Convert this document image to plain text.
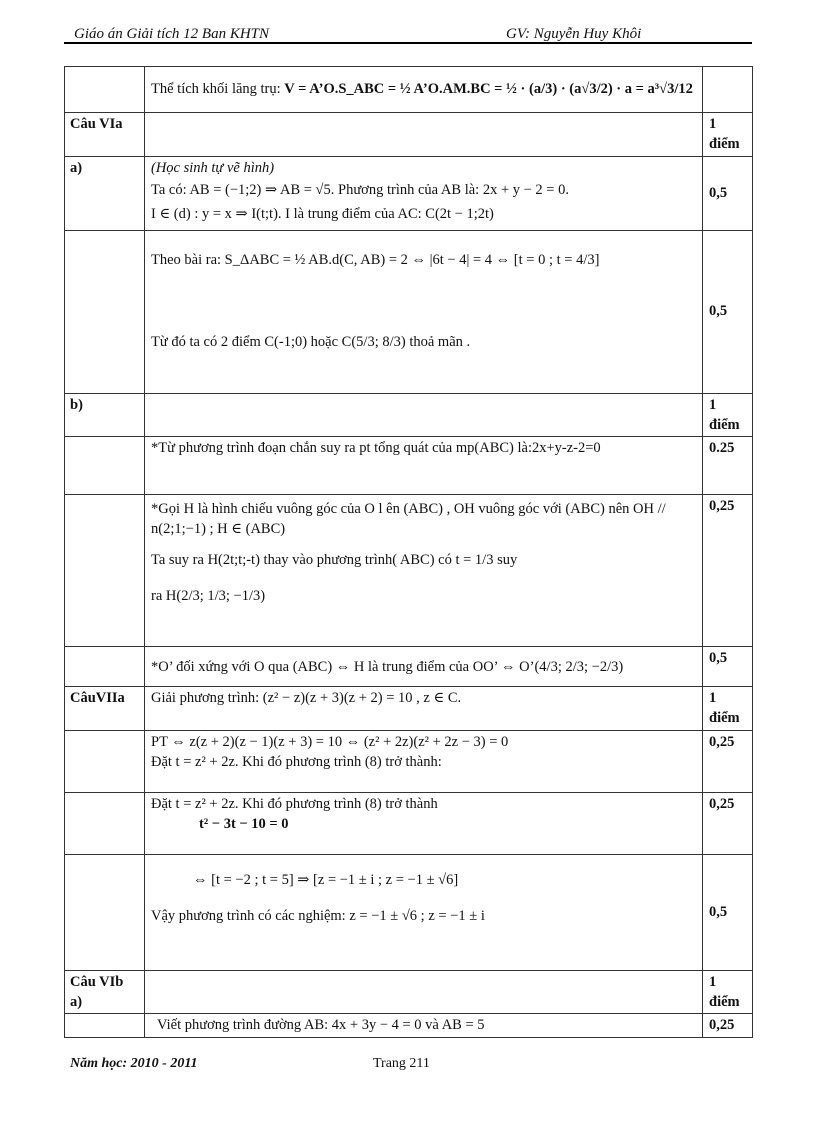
Giáo án Giải tích 12 Ban KHTN	GV: Nguyễn Huy Khôi
	Thể tích khối lăng trụ: V = A’O.S_ABC = ½ A’O.AM.BC = ½ · (a/3) · (a√3/2) · a = a³√3/12	
Câu VIa		1 điểm
a)	(Học sinh tự vẽ hình)
Ta có: AB = (−1;2) ⇒ AB = √5. Phương trình của AB là: 2x + y − 2 = 0.
I ∈ (d) : y = x ⇒ I(t;t). I là trung điểm của AC: C(2t − 1;2t)	0,5

	Theo bài ra: S_ΔABC = ½ AB.d(C, AB) = 2 ⇔ |6t − 4| = 4 ⇔ [t = 0 ; t = 4/3]
Từ đó ta có 2 điểm C(-1;0) hoặc C(5/3; 8/3) thoả mãn .	0,5
b)		1 điểm

	*Từ phương trình đoạn chắn suy ra pt tổng quát của mp(ABC) là:2x+y-z-2=0	0.25

	*Gọi H là hình chiếu vuông góc của O l ên (ABC) , OH vuông góc với (ABC) nên OH // n(2;1;−1) ; H ∈ (ABC)
Ta suy ra H(2t;t;-t) thay vào phương trình( ABC) có t = 1/3 suy
ra H(2/3; 1/3; −1/3)	0,25

	*O’ đối xứng với O qua (ABC) ⇔ H là trung điểm của OO’ ⇔ O’(4/3; 2/3; −2/3)	0,5
CâuVIIa	Giải phương trình: (z² − z)(z + 3)(z + 2) = 10 , z ∈ C.	1 điểm

	PT ⇔ z(z + 2)(z − 1)(z + 3) = 10 ⇔ (z² + 2z)(z² + 2z − 3) = 0
Đặt t = z² + 2z. Khi đó phương trình (8) trở thành:	0,25

	Đặt t = z² + 2z. Khi đó phương trình (8) trở thành
t² − 3t − 10 = 0	0,25

	⇔ [t = −2 ; t = 5] ⇒ [z = −1 ± i ; z = −1 ± √6]
Vậy phương trình có các nghiệm: z = −1 ± √6 ; z = −1 ± i	0,5
Câu VIb a)		1 điểm

	Viết phương trình đường AB: 4x + 3y − 4 = 0 và AB = 5	0,25
Năm học: 2010 - 2011	Trang 211
